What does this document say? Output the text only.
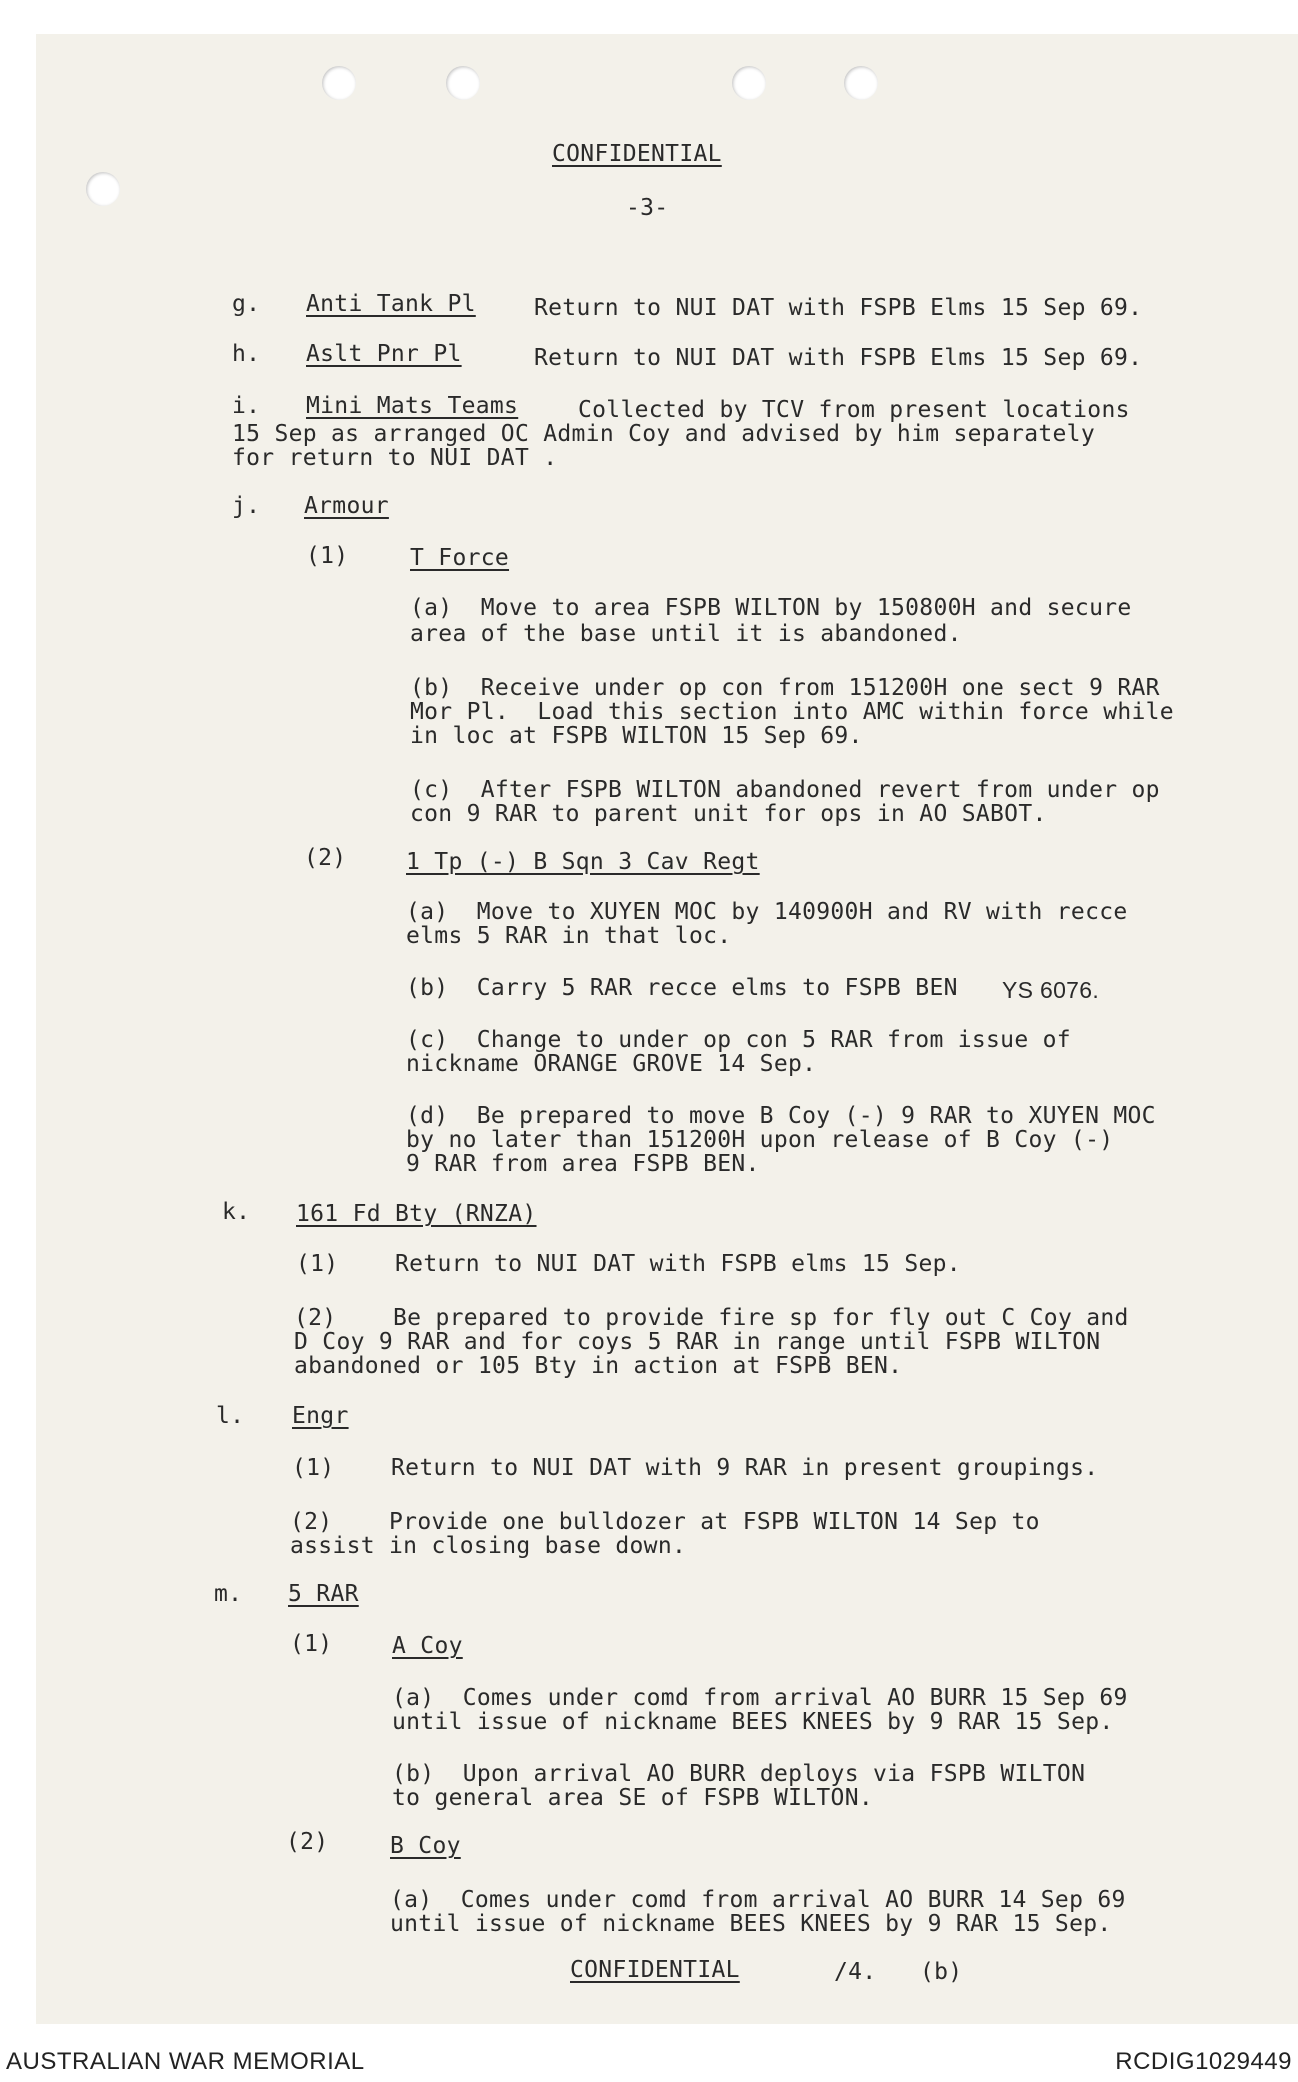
CONFIDENTIAL
-3-
g. Anti Tank Pl	Return to NUI DAT with FSPB Elms 15 Sep 69.
h. Aslt Pnr Pl	Return to NUI DAT with FSPB Elms 15 Sep 69.
i. Mini Mats Teams	Collected by TCV from present locations
15 Sep as arranged OC Admin Coy and advised by him separately
for return to NUI DAT .
j. Armour
(1)	T Force
(a)  Move to area FSPB WILTON by 150800H and secure
area of the base until it is abandoned.
(b)  Receive under op con from 151200H one sect 9 RAR
Mor Pl.  Load this section into AMC within force while
in loc at FSPB WILTON 15 Sep 69.
(c)  After FSPB WILTON abandoned revert from under op
con 9 RAR to parent unit for ops in AO SABOT.
(2)	1 Tp (-) B Sqn 3 Cav Regt
(a)  Move to XUYEN MOC by 140900H and RV with recce
elms 5 RAR in that loc.
(b)  Carry 5 RAR recce elms to FSPB BEN YS 6076.
(c)  Change to under op con 5 RAR from issue of
nickname ORANGE GROVE 14 Sep.
(d)  Be prepared to move B Coy (-) 9 RAR to XUYEN MOC
by no later than 151200H upon release of B Coy (-)
9 RAR from area FSPB BEN.
k. 161 Fd Bty (RNZA)
(1)    Return to NUI DAT with FSPB elms 15 Sep.
(2)    Be prepared to provide fire sp for fly out C Coy and
D Coy 9 RAR and for coys 5 RAR in range until FSPB WILTON
abandoned or 105 Bty in action at FSPB BEN.
l. Engr
(1)    Return to NUI DAT with 9 RAR in present groupings.
(2)    Provide one bulldozer at FSPB WILTON 14 Sep to
assist in closing base down.
m. 5 RAR
(1)	A Coy
(a)  Comes under comd from arrival AO BURR 15 Sep 69
until issue of nickname BEES KNEES by 9 RAR 15 Sep.
(b)  Upon arrival AO BURR deploys via FSPB WILTON
to general area SE of FSPB WILTON.
(2)	B Coy
(a)  Comes under comd from arrival AO BURR 14 Sep 69
until issue of nickname BEES KNEES by 9 RAR 15 Sep.
CONFIDENTIAL	/4. (b)
AUSTRALIAN WAR MEMORIAL	RCDIG1029449
